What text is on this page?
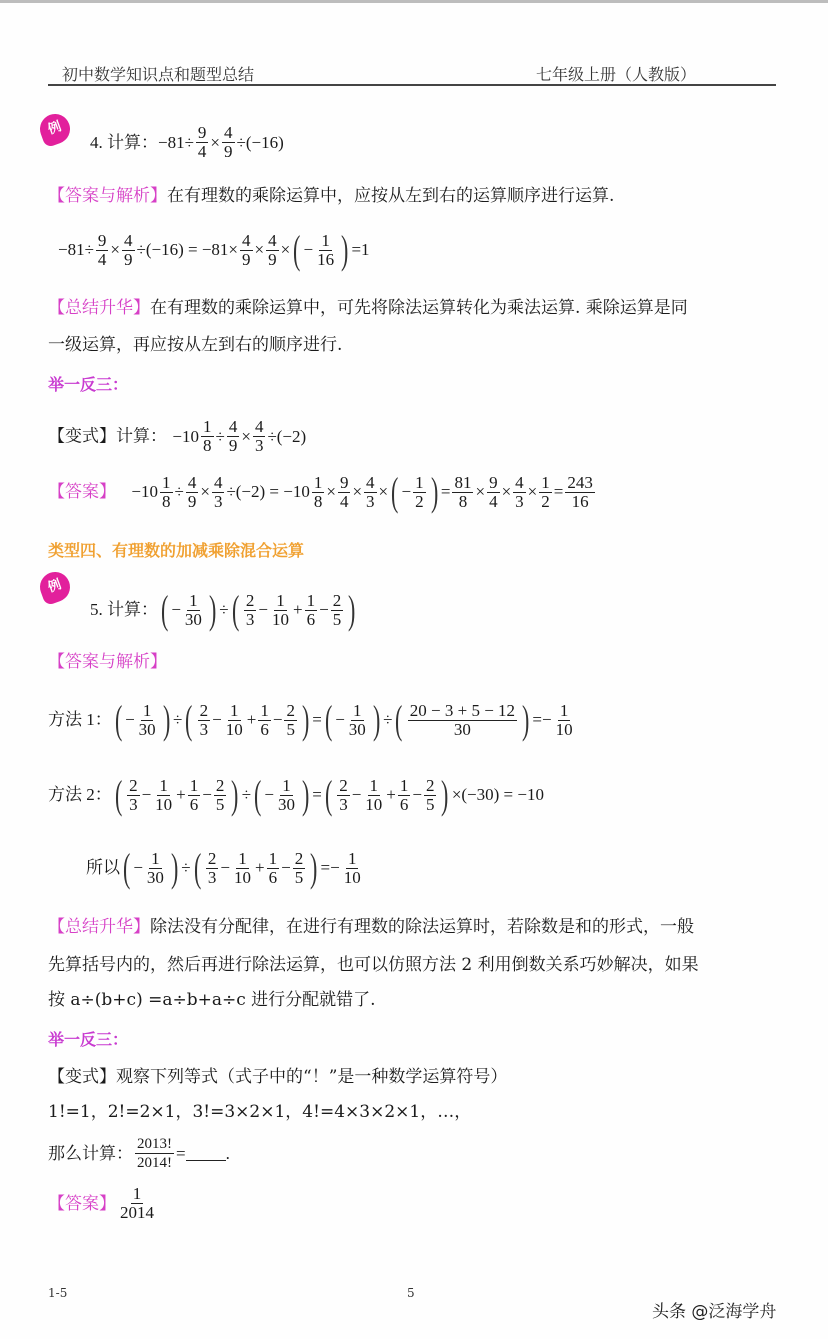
初中数学知识点和题型总结	七年级上册（人教版）
例
4. 计算： $-81\div \frac{9}{4} \times \frac{4}{9} \div(-16)$
【答案与解析】在有理数的乘除运算中，应按从左到右的运算顺序进行运算.
$-81\div \frac{9}{4} \times \frac{4}{9} \div(-16) = -81\times \frac{4}{9} \times \frac{4}{9}$ × ( − $\frac{1}{16}$ ) =1
【总结升华】在有理数的乘除运算中，可先将除法运算转化为乘法运算. 乘除运算是同
一级运算，再应按从左到右的顺序进行.
举一反三：
【变式】计算： $-10 \frac{1}{8} \div \frac{4}{9} \times \frac{4}{3} \div(-2)$
【答案】 $-10 \frac{1}{8} \div \frac{4}{9} \times \frac{4}{3} \div(-2) = -10 \frac{1}{8} \times \frac{9}{4} \times \frac{4}{3}$ × ( − $\frac{1}{2}$ ) = $\frac{81}{8} \times \frac{9}{4} \times \frac{4}{3} \times \frac{1}{2} = \frac{243}{16}$
类型四、有理数的加减乘除混合运算
例
5. 计算： ( − $\frac{1}{30}$ ) ÷ ( $\frac{2}{3} - \frac{1}{10} + \frac{1}{6} - \frac{2}{5}$ )
【答案与解析】
方法 1： ( − $\frac{1}{30}$ ) ÷ ( $\frac{2}{3} - \frac{1}{10} + \frac{1}{6} - \frac{2}{5}$ ) = ( − $\frac{1}{30}$ ) ÷ ( $\frac{20 - 3 + 5 - 12}{30}$ ) =− $\frac{1}{10}$
方法 2： ( $\frac{2}{3} - \frac{1}{10} + \frac{1}{6} - \frac{2}{5}$ ) ÷ ( − $\frac{1}{30}$ ) = ( $\frac{2}{3} - \frac{1}{10} + \frac{1}{6} - \frac{2}{5}$ ) ×(−30) = −10
所以 ( − $\frac{1}{30}$ ) ÷ ( $\frac{2}{3} - \frac{1}{10} + \frac{1}{6} - \frac{2}{5}$ ) =− $\frac{1}{10}$
【总结升华】除法没有分配律，在进行有理数的除法运算时，若除数是和的形式，一般
先算括号内的，然后再进行除法运算，也可以仿照方法 2 利用倒数关系巧妙解决，如果
按 a÷(b+c) =a÷b+a÷c 进行分配就错了.
举一反三：
【变式】观察下列等式（式子中的“！”是一种数学运算符号）
1!=1，2!=2×1，3!=3×2×1，4!=4×3×2×1，…，
那么计算： $\frac{2013!}{2014!}$ = .
【答案】 $\frac{1}{2014}$
1-5	5
头条 @泛海学舟
